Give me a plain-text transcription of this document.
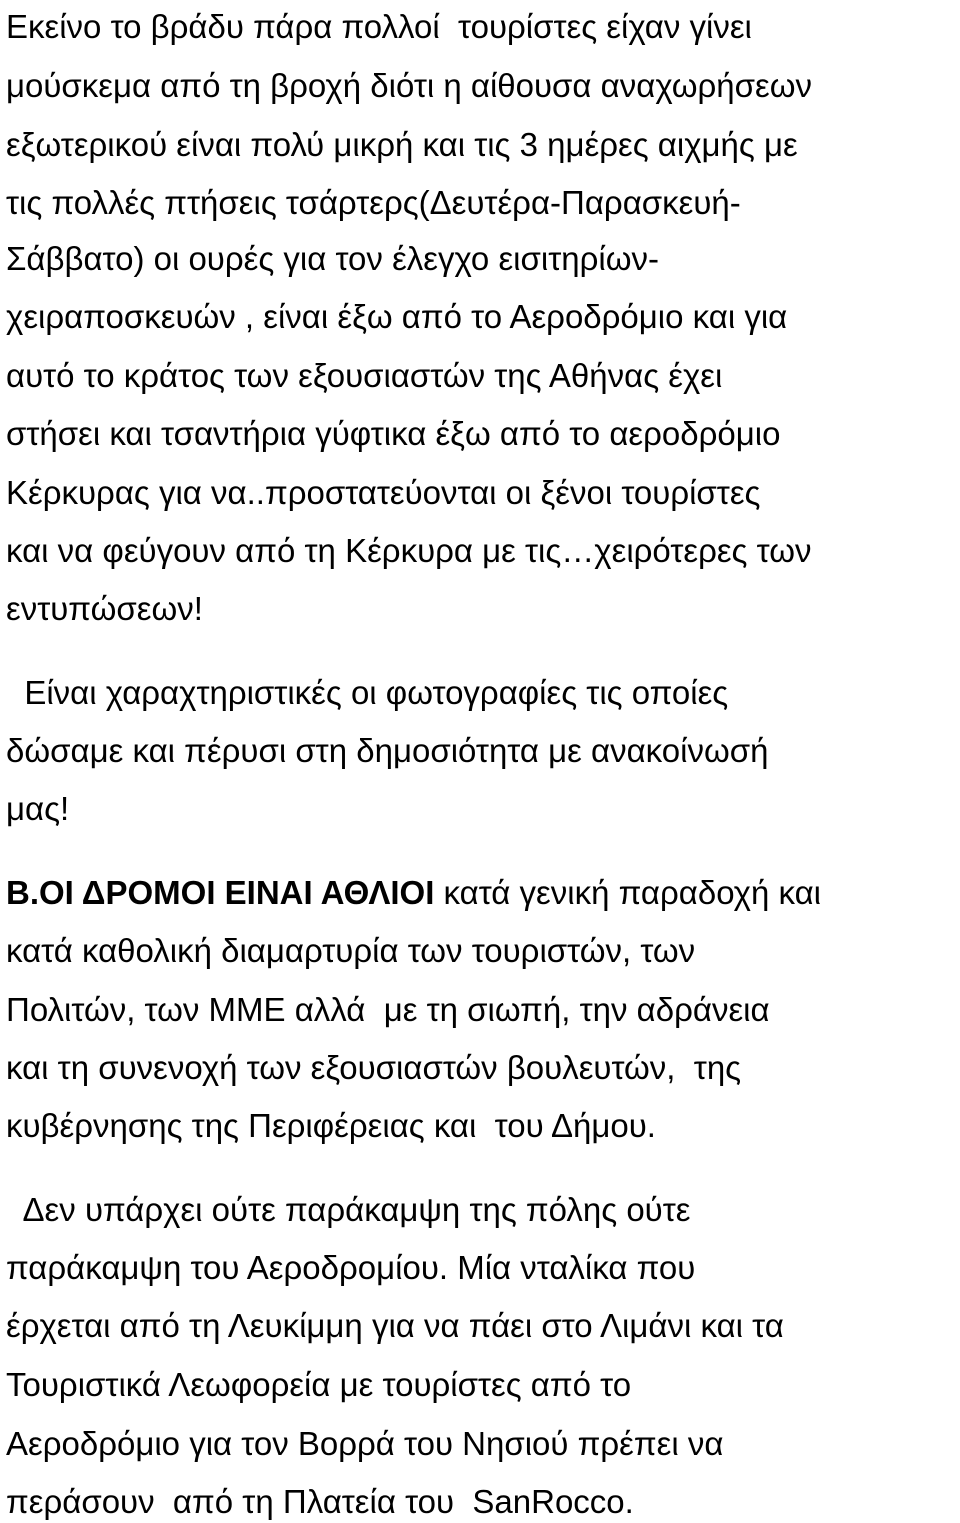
Εκείνο το βράδυ πάρα πολλοί  τουρίστες είχαν γίνει
μούσκεμα από τη βροχή διότι η αίθουσα αναχωρήσεων
εξωτερικού είναι πολύ μικρή και τις 3 ημέρες αιχμής με
τις πολλές πτήσεις τσάρτερς(Δευτέρα-Παρασκευή-
Σάββατο) οι ουρές για τον έλεγχο εισιτηρίων-
χειραποσκευών , είναι έξω από το Αεροδρόμιο και για
αυτό το κράτος των εξουσιαστών της Αθήνας έχει
στήσει και τσαντήρια γύφτικα έξω από το αεροδρόμιο
Κέρκυρας για να..προστατεύονται οι ξένοι τουρίστες
και να φεύγουν από τη Κέρκυρα με τις…χειρότερες των
εντυπώσεων!
Είναι χαραχτηριστικές οι φωτογραφίες τις οποίες
δώσαμε και πέρυσι στη δημοσιότητα με ανακοίνωσή
μας!
Β.ΟΙ ΔΡΟΜΟΙ ΕΙΝΑΙ ΑΘΛΙΟΙ κατά γενική παραδοχή και
κατά καθολική διαμαρτυρία των τουριστών, των
Πολιτών, των ΜΜΕ αλλά  με τη σιωπή, την αδράνεια
και τη συνενοχή των εξουσιαστών βουλευτών,  της
κυβέρνησης της Περιφέρειας και  του Δήμου.
Δεν υπάρχει ούτε παράκαμψη της πόλης ούτε
παράκαμψη του Αεροδρομίου. Μία νταλίκα που
έρχεται από τη Λευκίμμη για να πάει στο Λιμάνι και τα
Τουριστικά Λεωφορεία με τουρίστες από το
Αεροδρόμιο για τον Βορρά του Νησιού πρέπει να
περάσουν  από τη Πλατεία του  SanRocco.
